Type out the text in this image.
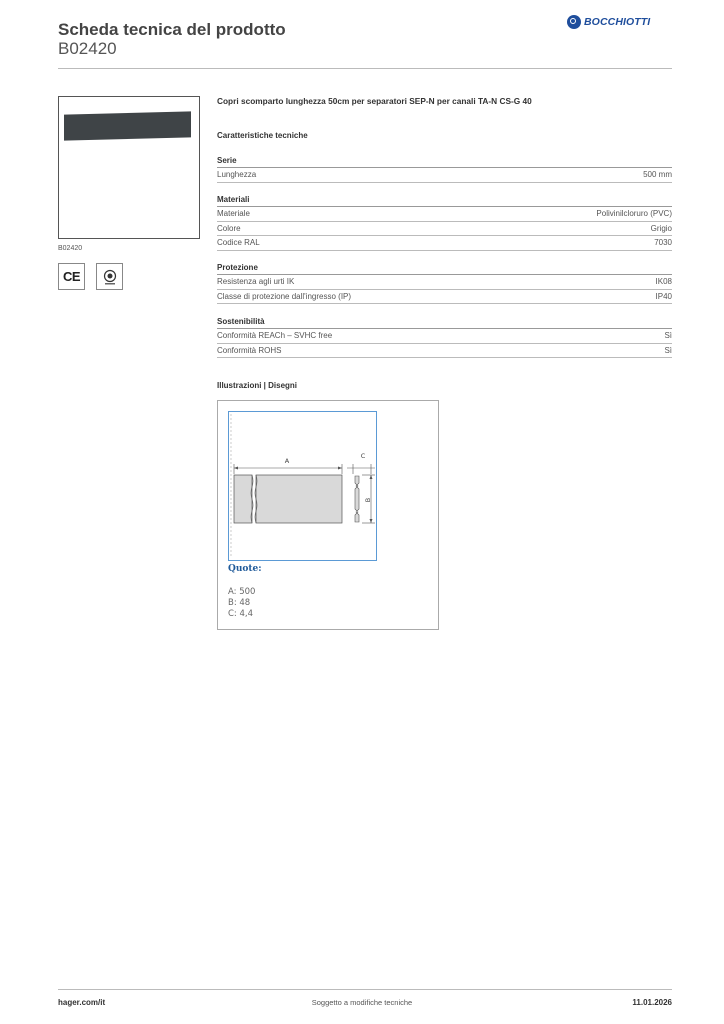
Scheda tecnica del prodotto
B02420
BOCCHIOTTI
B02420
CE
Copri scomparto lunghezza 50cm per separatori SEP-N per canali TA-N CS-G 40
Caratteristiche tecniche
Serie
Lunghezza	500 mm
Materiali
Materiale	Polivinilcloruro (PVC)
Colore	Grigio
Codice RAL	7030
Protezione
Resistenza agli urti IK	IK08
Classe di protezione dall'ingresso (IP)	IP40
Sostenibilità
Conformità REACh – SVHC free	Sì
Conformità ROHS	Sì
Illustrazioni | Disegni
A
C
B
Quote:
A: 500
B: 48
C: 4,4
hager.com/it	Soggetto a modifiche tecniche	11.01.2026
